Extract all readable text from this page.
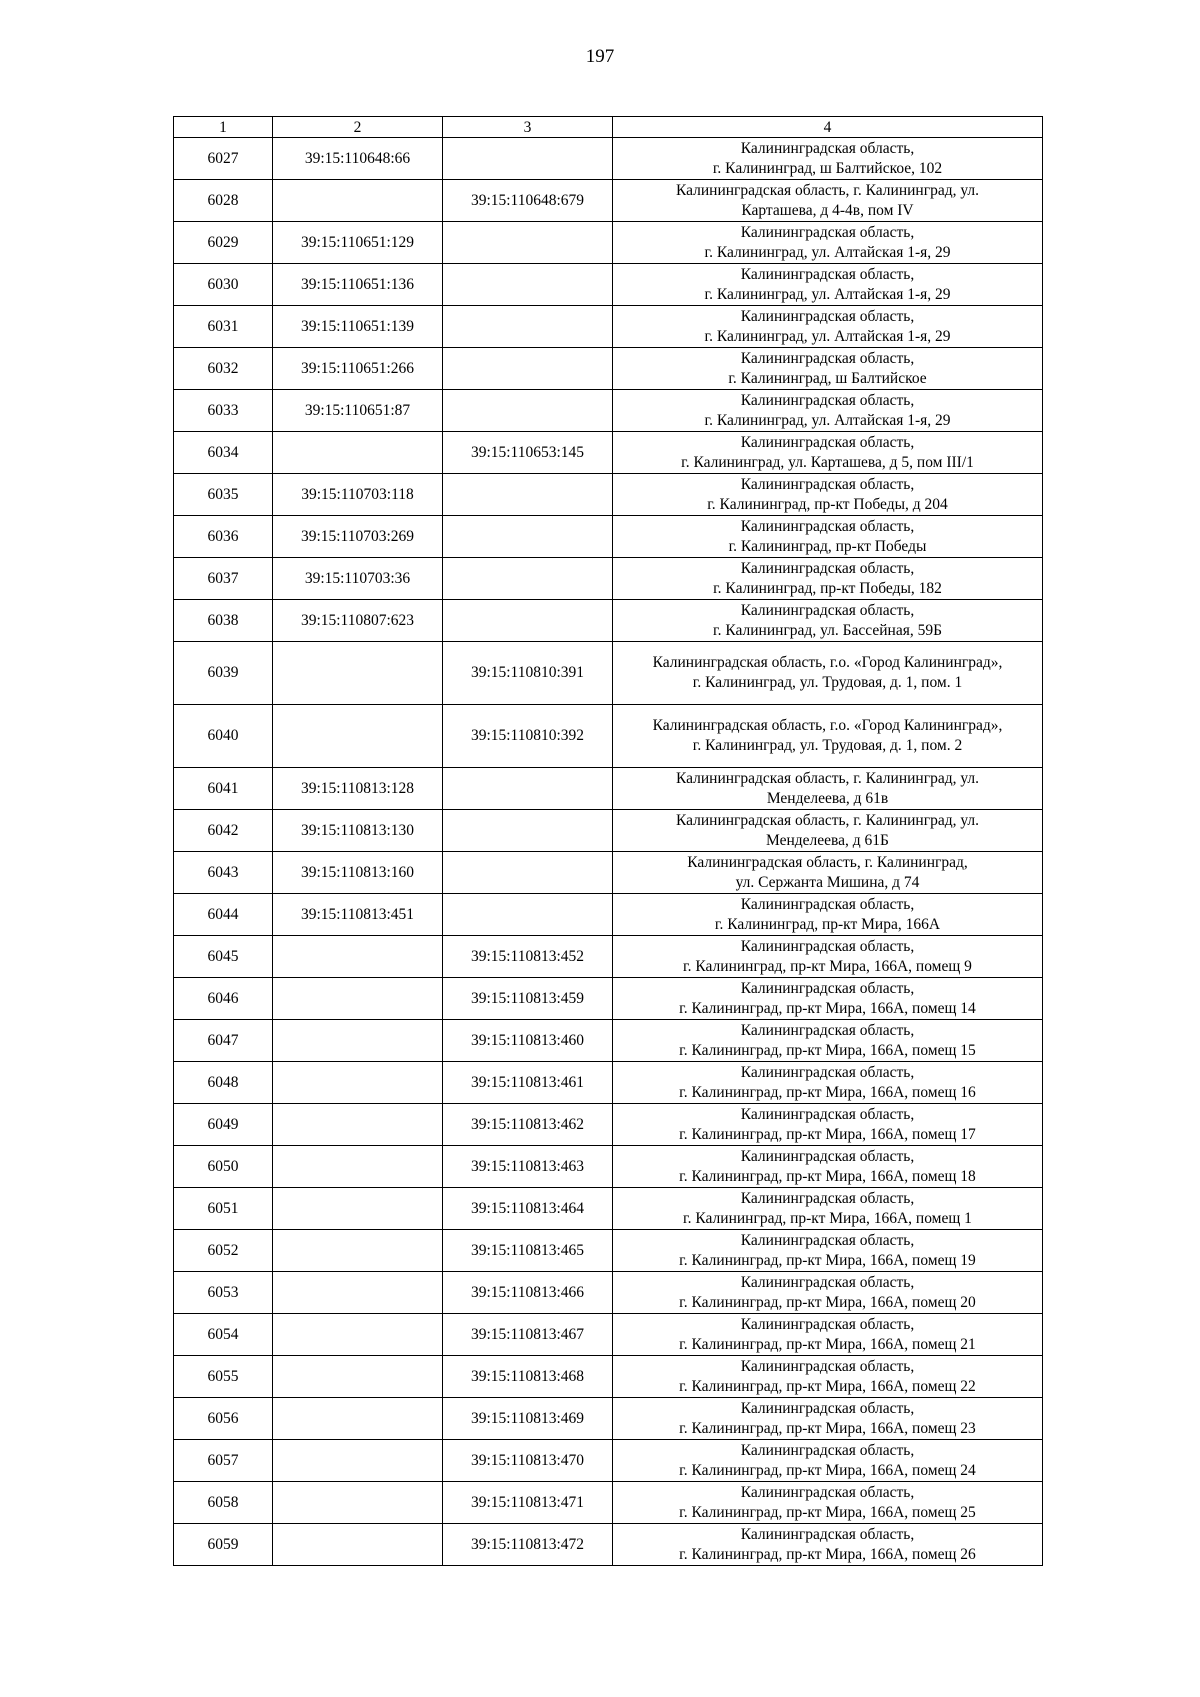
197
1	2	3	4
6027	39:15:110648:66		Калининградская область,
г. Калининград, ш Балтийское, 102

6028		39:15:110648:679	Калининградская область, г. Калининград, ул.
Карташева, д 4-4в, пом IV

6029	39:15:110651:129		Калининградская область,
г. Калининград, ул. Алтайская 1-я, 29

6030	39:15:110651:136		Калининградская область,
г. Калининград, ул. Алтайская 1-я, 29

6031	39:15:110651:139		Калининградская область,
г. Калининград, ул. Алтайская 1-я, 29

6032	39:15:110651:266		Калининградская область,
г. Калининград, ш Балтийское

6033	39:15:110651:87		Калининградская область,
г. Калининград, ул. Алтайская 1-я, 29

6034		39:15:110653:145	Калининградская область,
г. Калининград, ул. Карташева, д 5, пом III/1

6035	39:15:110703:118		Калининградская область,
г. Калининград, пр-кт Победы, д 204

6036	39:15:110703:269		Калининградская область,
г. Калининград, пр-кт Победы

6037	39:15:110703:36		Калининградская область,
г. Калининград, пр-кт Победы, 182

6038	39:15:110807:623		Калининградская область,
г. Калининград, ул. Бассейная, 59Б

6039		39:15:110810:391	Калининградская область, г.о. «Город Калининград»,
г. Калининград, ул. Трудовая, д. 1, пом. 1

6040		39:15:110810:392	Калининградская область, г.о. «Город Калининград»,
г. Калининград, ул. Трудовая, д. 1, пом. 2

6041	39:15:110813:128		Калининградская область, г. Калининград, ул.
Менделеева, д 61в

6042	39:15:110813:130		Калининградская область, г. Калининград, ул.
Менделеева, д 61Б

6043	39:15:110813:160		Калининградская область, г. Калининград,
ул. Сержанта Мишина, д 74

6044	39:15:110813:451		Калининградская область,
г. Калининград, пр-кт Мира, 166А

6045		39:15:110813:452	Калининградская область,
г. Калининград, пр-кт Мира, 166А, помещ 9

6046		39:15:110813:459	Калининградская область,
г. Калининград, пр-кт Мира, 166А, помещ 14

6047		39:15:110813:460	Калининградская область,
г. Калининград, пр-кт Мира, 166А, помещ 15

6048		39:15:110813:461	Калининградская область,
г. Калининград, пр-кт Мира, 166А, помещ 16

6049		39:15:110813:462	Калининградская область,
г. Калининград, пр-кт Мира, 166А, помещ 17

6050		39:15:110813:463	Калининградская область,
г. Калининград, пр-кт Мира, 166А, помещ 18

6051		39:15:110813:464	Калининградская область,
г. Калининград, пр-кт Мира, 166А, помещ 1

6052		39:15:110813:465	Калининградская область,
г. Калининград, пр-кт Мира, 166А, помещ 19

6053		39:15:110813:466	Калининградская область,
г. Калининград, пр-кт Мира, 166А, помещ 20

6054		39:15:110813:467	Калининградская область,
г. Калининград, пр-кт Мира, 166А, помещ 21

6055		39:15:110813:468	Калининградская область,
г. Калининград, пр-кт Мира, 166А, помещ 22

6056		39:15:110813:469	Калининградская область,
г. Калининград, пр-кт Мира, 166А, помещ 23

6057		39:15:110813:470	Калининградская область,
г. Калининград, пр-кт Мира, 166А, помещ 24

6058		39:15:110813:471	Калининградская область,
г. Калининград, пр-кт Мира, 166А, помещ 25

6059		39:15:110813:472	Калининградская область,
г. Калининград, пр-кт Мира, 166А, помещ 26
